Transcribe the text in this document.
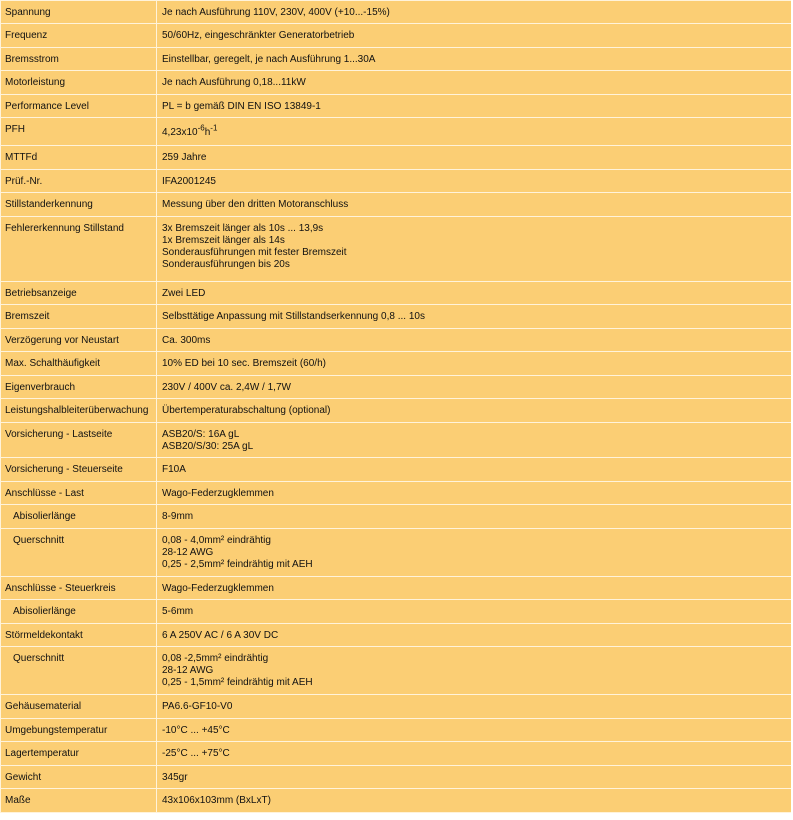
Spannung	Je nach Ausführung 110V, 230V, 400V (+10...-15%)

Frequenz	50/60Hz, eingeschränkter Generatorbetrieb

Bremsstrom	Einstellbar, geregelt, je nach Ausführung 1...30A

Motorleistung	Je nach Ausführung 0,18...11kW

Performance Level	PL = b gemäß DIN EN ISO 13849-1

PFH	$4,23x10^{-6}h^{-1}$
MTTFd	259 Jahre

Prüf.-Nr.	IFA2001245

Stillstanderkennung	Messung über den dritten Motoranschluss

Fehlererkennung Stillstand	3x Bremszeit länger als 10s ... 13,9s
1x Bremszeit länger als 14s
Sonderausführungen mit fester Bremszeit
Sonderausführungen bis 20s

Betriebsanzeige	Zwei LED

Bremszeit	Selbsttätige Anpassung mit Stillstandserkennung 0,8 ... 10s

Verzögerung vor Neustart	Ca. 300ms

Max. Schalthäufigkeit	10% ED bei 10 sec. Bremszeit (60/h)

Eigenverbrauch	230V / 400V ca. 2,4W / 1,7W

Leistungshalbleiterüberwachung	Übertemperaturabschaltung (optional)

Vorsicherung - Lastseite	ASB20/S: 16A gL
ASB20/S/30: 25A gL

Vorsicherung - Steuerseite	F10A

Anschlüsse - Last	Wago-Federzugklemmen

Abisolierlänge	8-9mm

Querschnitt	0,08 - 4,0mm² eindrähtig
28-12 AWG
0,25 - 2,5mm² feindrähtig mit AEH

Anschlüsse - Steuerkreis	Wago-Federzugklemmen

Abisolierlänge	5-6mm

Störmeldekontakt	6 A 250V AC / 6 A 30V DC

Querschnitt	0,08 -2,5mm² eindrähtig
28-12 AWG
0,25 - 1,5mm² feindrähtig mit AEH

Gehäusematerial	PA6.6-GF10-V0

Umgebungstemperatur	-10°C ... +45°C

Lagertemperatur	-25°C ... +75°C

Gewicht	345gr

Maße	43x106x103mm (BxLxT)
